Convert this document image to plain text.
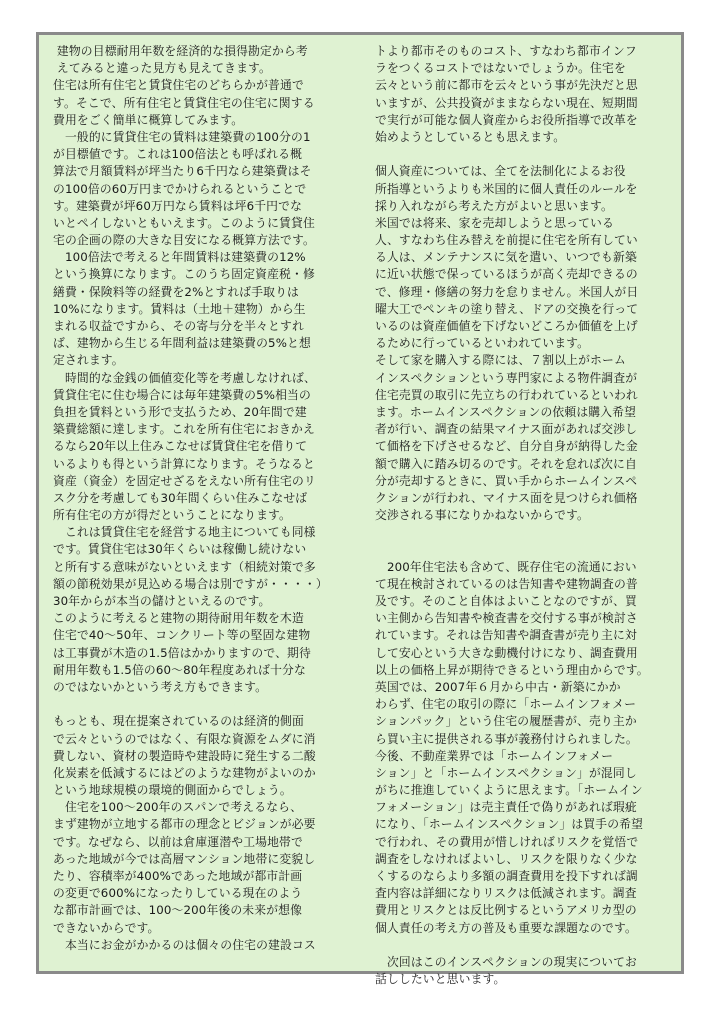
建物の目標耐用年数を経済的な損得勘定から考
えてみると違った見方も見えてきます。
住宅は所有住宅と賃貸住宅のどちらかが普通で
す。そこで、所有住宅と賃貸住宅の住宅に関する
費用をごく簡単に概算してみます。
　一般的に賃貸住宅の賃料は建築費の100分の1
が目標値です。これは100倍法とも呼ばれる概
算法で月額賃料が坪当たり6千円なら建築費はそ
の100倍の60万円までかけられるということで
す。建築費が坪60万円なら賃料は坪6千円でな
いとペイしないともいえます。このように賃貸住
宅の企画の際の大きな目安になる概算方法です。
　100倍法で考えると年間賃料は建築費の12%
という換算になります。このうち固定資産税・修
繕費・保険料等の経費を2%とすれば手取りは
10%になります。賃料は（土地＋建物）から生
まれる収益ですから、その寄与分を半々とすれ
ば、建物から生じる年間利益は建築費の5%と想
定されます。
　時間的な金銭の価値変化等を考慮しなければ、
賃貸住宅に住む場合には毎年建築費の5%相当の
負担を賃料という形で支払うため、20年間で建
築費総額に達します。これを所有住宅におきかえ
るなら20年以上住みこなせば賃貸住宅を借りて
いるよりも得という計算になります。そうなると
資産（資金）を固定せざるをえない所有住宅のリ
スク分を考慮しても30年間くらい住みこなせば
所有住宅の方が得だということになります。
　これは賃貸住宅を経営する地主についても同様
です。賃貸住宅は30年くらいは稼働し続けない
と所有する意味がないといえます（相続対策で多
額の節税効果が見込める場合は別ですが・・・・）
30年からが本当の儲けといえるのです。
このように考えると建物の期待耐用年数を木造
住宅で40～50年、コンクリート等の堅固な建物
は工事費が木造の1.5倍はかかりますので、期待
耐用年数も1.5倍の60～80年程度あれば十分な
のではないかという考え方もできます。
もっとも、現在提案されているのは経済的側面
で云々というのではなく、有限な資源をムダに消
費しない、資材の製造時や建設時に発生する二酸
化炭素を低減するにはどのような建物がよいのか
という地球規模の環境的側面からでしょう。
　住宅を100～200年のスパンで考えるなら、
まず建物が立地する都市の理念とビジョンが必要
です。なぜなら、以前は倉庫運潜や工場地帯で
あった地域が今では高層マンション地帯に変貌し
たり、容積率が400%であった地域が都市計画
の変更で600%になったりしている現在のよう
な都市計画では、100～200年後の未来が想像
できないからです。
　本当にお金がかかるのは個々の住宅の建設コス
トより都市そのものコスト、すなわち都市インフ
ラをつくるコストではないでしょうか。住宅を
云々という前に都市を云々という事が先決だと思
いますが、公共投資がままならない現在、短期間
で実行が可能な個人資産からお役所指導で改革を
始めようとしているとも思えます。
個人資産については、全てを法制化によるお役
所指導というよりも米国的に個人責任のルールを
採り入れながら考えた方がよいと思います。
米国では将来、家を売却しようと思っている
人、すなわち住み替えを前提に住宅を所有してい
る人は、メンテナンスに気を遣い、いつでも新築
に近い状態で保っているほうが高く売却できるの
で、修理・修繕の努力を怠りません。米国人が日
曜大工でペンキの塗り替え、ドアの交換を行って
いるのは資産価値を下げないどころか価値を上げ
るために行っているといわれています。
そして家を購入する際には、７割以上がホーム
インスペクションという専門家による物件調査が
住宅売買の取引に先立ちの行われているといわれ
ます。ホームインスペクションの依頼は購入希望
者が行い、調査の結果マイナス面があれば交渉し
て価格を下げさせるなど、自分自身が納得した金
額で購入に踏み切るのです。それを怠れば次に自
分が売却するときに、買い手からホームインスペ
クションが行われ、マイナス面を見つけられ価格
交渉される事になりかねないからです。
　200年住宅法も含めて、既存住宅の流通におい
て現在検討されているのは告知書や建物調査の普
及です。そのこと自体はよいことなのですが、買
い主側から告知書や検査書を交付する事が検討さ
れています。それは告知書や調査書が売り主に対
して安心という大きな動機付けになり、調査費用
以上の価格上昇が期待できるという理由からです。
英国では、2007年６月から中古・新築にかか
わらず、住宅の取引の際に「ホームインフォメー
ションパック」という住宅の履歴書が、売り主か
ら買い主に提供される事が義務付けられました。
今後、不動産業界では「ホームインフォメー
ション」と「ホームインスペクション」が混同し
がちに推進していくように思えます。「ホームイン
フォメーション」は売主責任で偽りがあれば瑕疵
になり、「ホームインスペクション」は買手の希望
で行われ、その費用が惜しければリスクを覚悟で
調査をしなければよいし、リスクを限りなく少な
くするのならより多額の調査費用を投下すれば調
査内容は詳細になりリスクは低減されます。調査
費用とリスクとは反比例するというアメリカ型の
個人責任の考え方の普及も重要な課題なのです。
　次回はこのインスペクションの現実についてお
話ししたいと思います。
